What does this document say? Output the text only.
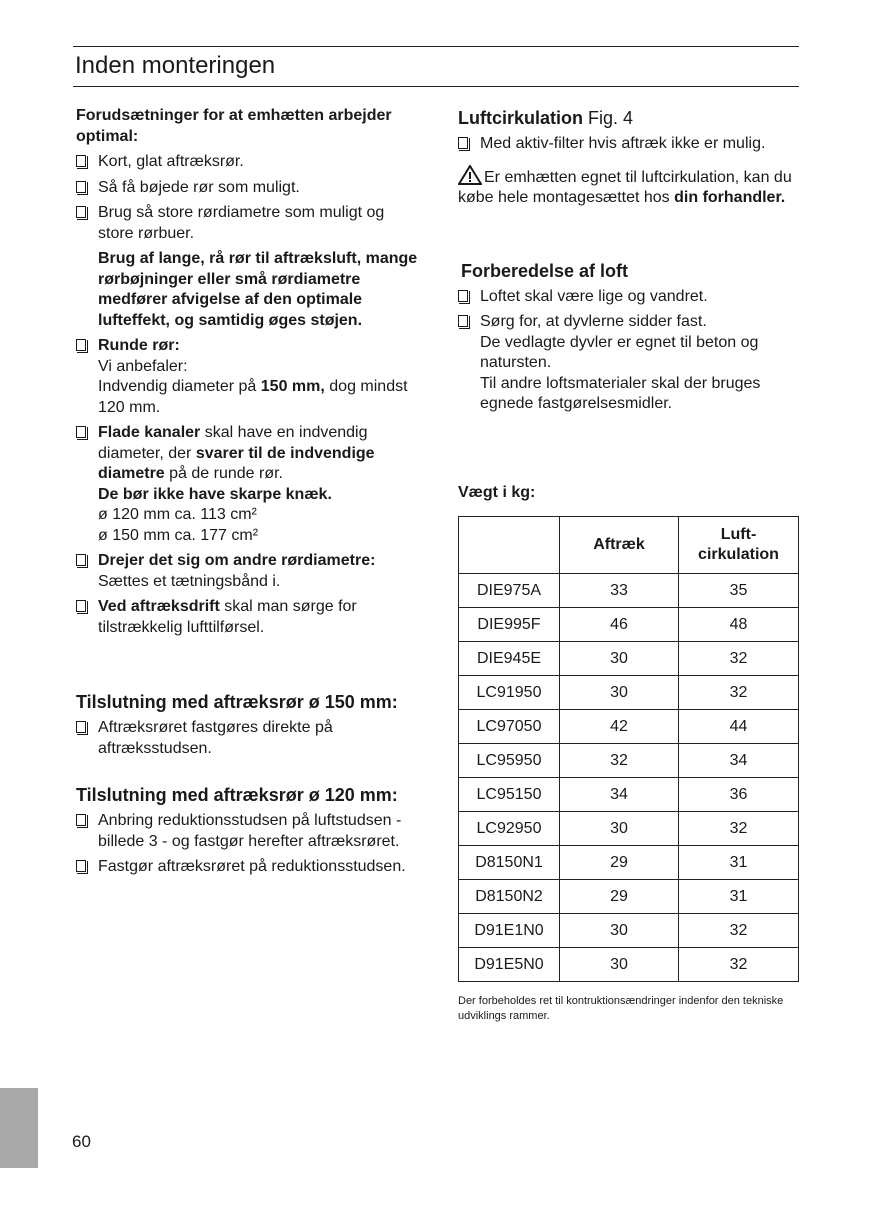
Inden monteringen

Forudsætninger for at emhætten arbejder optimal:

Kort, glat aftræksrør.
Så få bøjede rør som muligt.
Brug så store rørdiametre som muligt og store rørbuer.

Brug af lange, rå rør til aftræksluft, mange rørbøjninger eller små rørdiametre medfører afvigelse af den optimale lufteffekt, og samtidig øges støjen.

Runde rør:
Vi anbefaler:
Indvendig diameter på 150 mm, dog mindst 120 mm.
Flade kanaler skal have en indvendig diameter, der svarer til de indvendige diametre på de runde rør.
De bør ikke have skarpe knæk.
ø 120 mm ca. 113 cm²
ø 150 mm ca. 177 cm²
Drejer det sig om andre rørdiametre:
Sættes et tætningsbånd i.
Ved aftræksdrift skal man sørge for tilstrækkelig lufttilførsel.

Tilslutning med aftræksrør ø 150 mm:

Aftræksrøret fastgøres direkte på aftræksstudsen.

Tilslutning med aftræksrør ø 120 mm:

Anbring reduktionsstudsen på luftstudsen - billede 3 - og fastgør herefter aftræksrøret.
Fastgør aftræksrøret på reduktionsstudsen.

Luftcirkulation Fig. 4

Med aktiv-filter hvis aftræk ikke er mulig.

Er emhætten egnet til luftcirkulation, kan du købe hele montagesættet hos din forhandler.

Forberedelse af loft

Loftet skal være lige og vandret.
Sørg for, at dyvlerne sidder fast.
De vedlagte dyvler er egnet til beton og natursten.
Til andre loftsmaterialer skal der bruges egnede fastgørelsesmidler.
Vægt i kg:
	Aftræk	Luft-
cirkulation
DIE975A	33	35
DIE995F	46	48
DIE945E	30	32
LC91950	30	32
LC97050	42	44
LC95950	32	34
LC95150	34	36
LC92950	30	32
D8150N1	29	31
D8150N2	29	31
D91E1N0	30	32
D91E5N0	30	32
Der forbeholdes ret til kontruktionsændringer indenfor den tekniske udviklings rammer.
60
